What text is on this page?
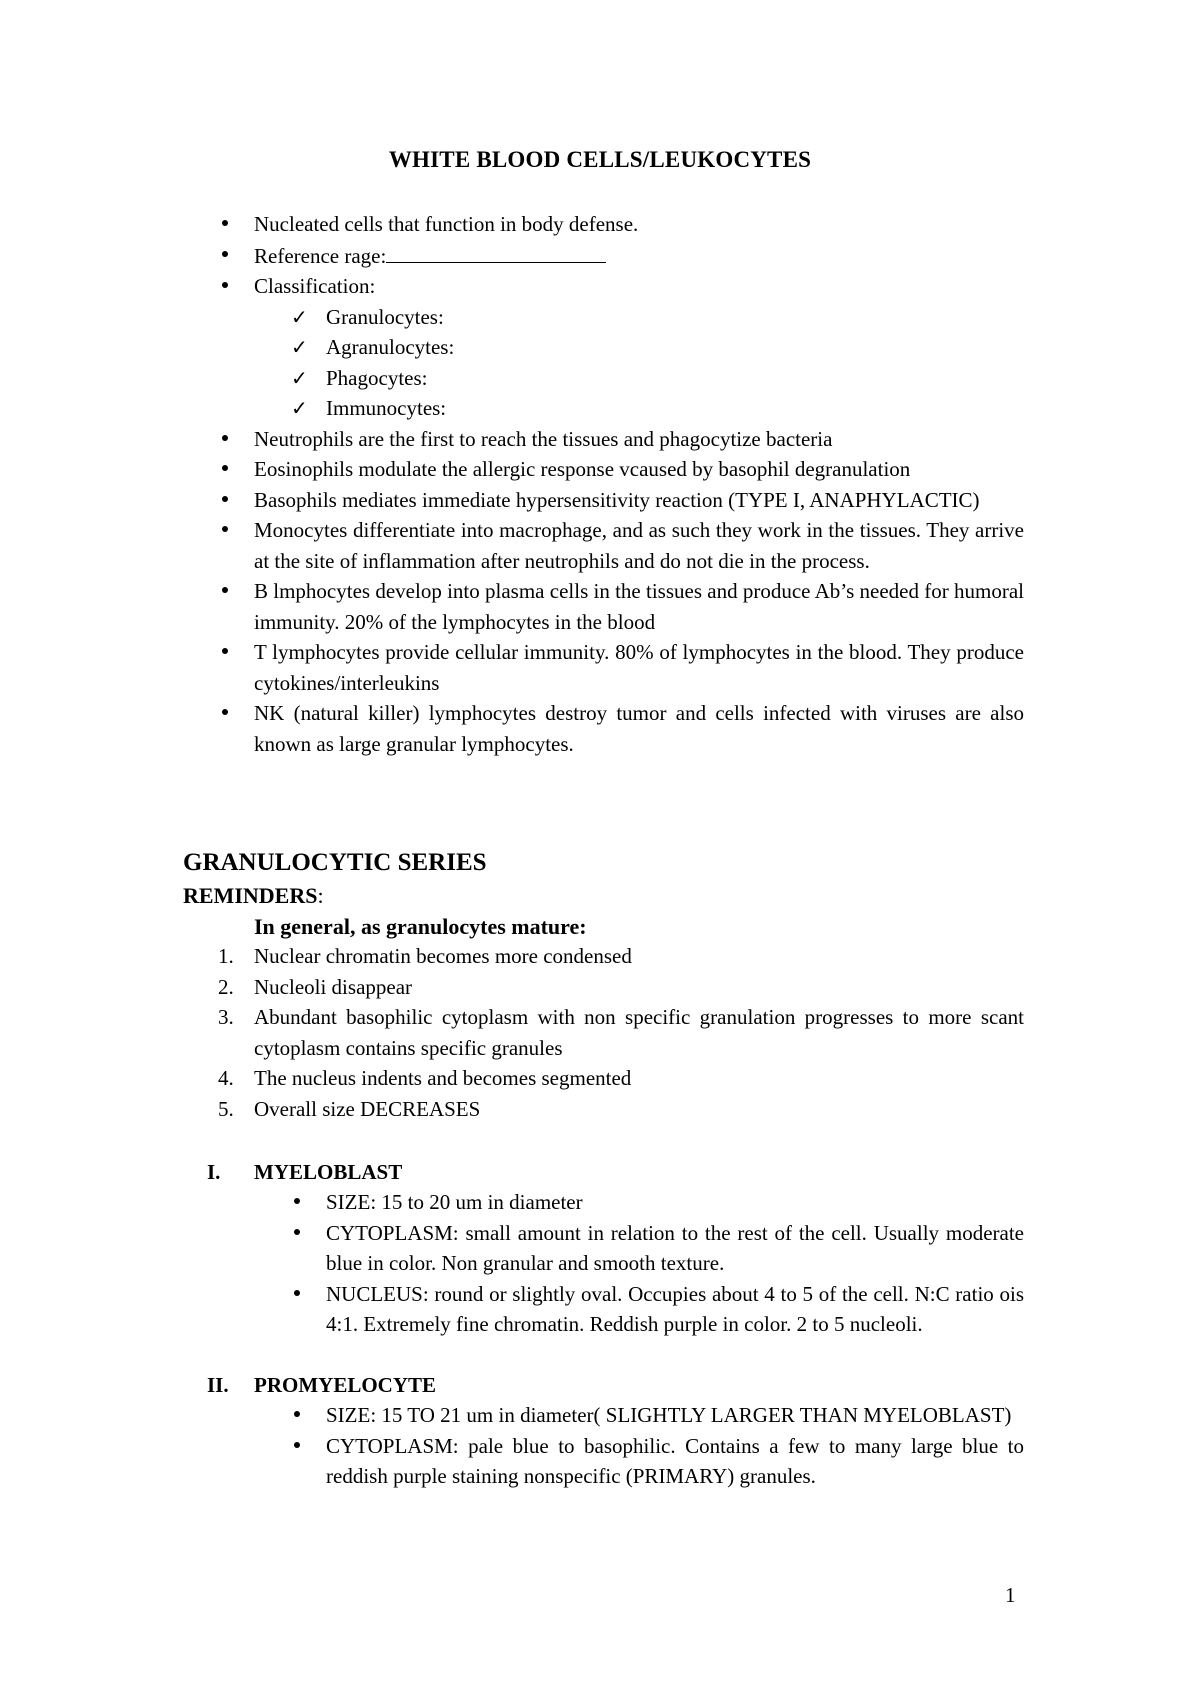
WHITE BLOOD CELLS/LEUKOCYTES
Nucleated cells that function in body defense.
Reference rage:
Classification:
✓ Granulocytes:
✓ Agranulocytes:
✓ Phagocytes:
✓ Immunocytes:
Neutrophils are the first to reach the tissues and phagocytize bacteria
Eosinophils modulate the allergic response vcaused by basophil degranulation
Basophils mediates immediate hypersensitivity reaction (TYPE I, ANAPHYLACTIC)
Monocytes differentiate into macrophage, and as such they work in the tissues. They arrive at the site of inflammation after neutrophils and do not die in the process.
B lmphocytes develop into plasma cells in the tissues and produce Ab’s needed for humoral immunity. 20% of the lymphocytes in the blood
T lymphocytes provide cellular immunity. 80% of lymphocytes in the blood. They produce cytokines/interleukins
NK (natural killer) lymphocytes destroy tumor and cells infected with viruses are also known as large granular lymphocytes.
GRANULOCYTIC SERIES
REMINDERS:
In general, as granulocytes mature:
1. Nuclear chromatin becomes more condensed
2. Nucleoli disappear
3. Abundant basophilic cytoplasm with non specific granulation progresses to more scant cytoplasm contains specific granules
4. The nucleus indents and becomes segmented
5. Overall size DECREASES
I. MYELOBLAST
SIZE: 15 to 20 um in diameter
CYTOPLASM: small amount in relation to the rest of the cell. Usually moderate blue in color. Non granular and smooth texture.
NUCLEUS: round or slightly oval. Occupies about 4 to 5 of the cell. N:C ratio ois 4:1. Extremely fine chromatin. Reddish purple in color. 2 to 5 nucleoli.
II. PROMYELOCYTE
SIZE: 15 TO 21 um in diameter( SLIGHTLY LARGER THAN MYELOBLAST)
CYTOPLASM: pale blue to basophilic. Contains a few to many large blue to reddish purple staining nonspecific (PRIMARY) granules.
1
